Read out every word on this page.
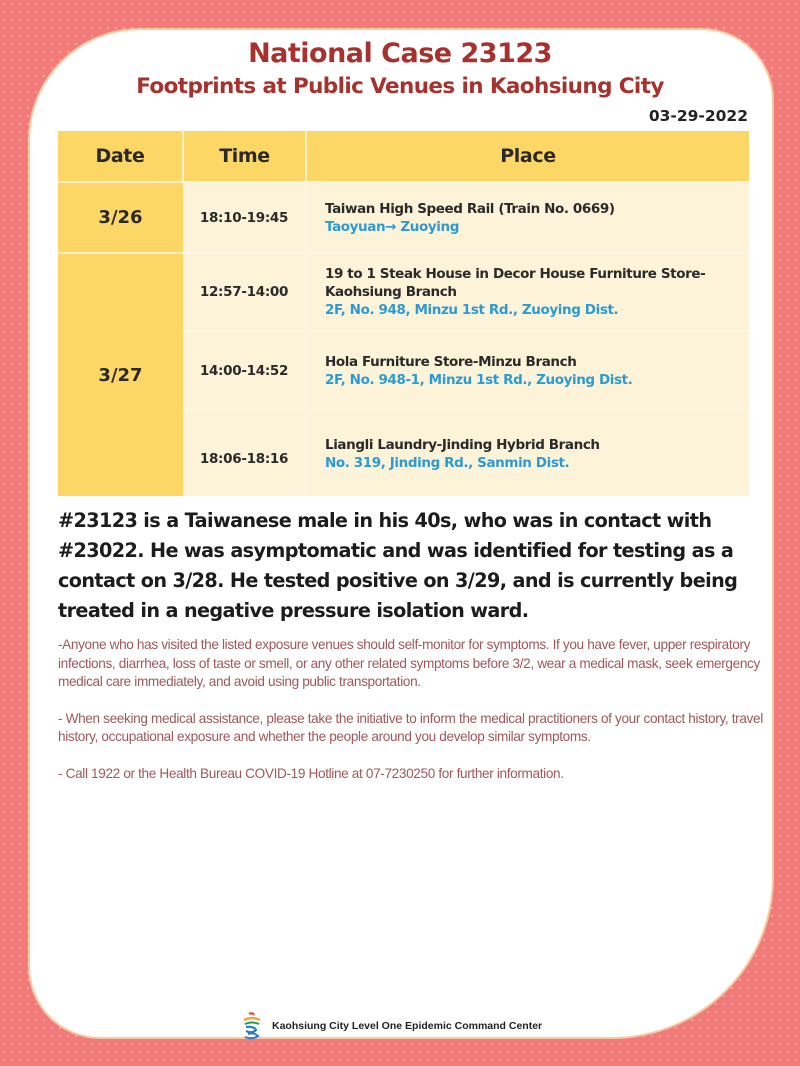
National Case 23123
Footprints at Public Venues in Kaohsiung City
03-29-2022
Date	Time	Place
3/26	18:10-19:45	Taiwan High Speed Rail (Train No. 0669)
Taoyuan→ Zuoying

3/27	12:57-14:00	19 to 1 Steak House in Decor House Furniture Store-Kaohsiung Branch
2F, No. 948, Minzu 1st Rd., Zuoying Dist.

	14:00-14:52	Hola Furniture Store-Minzu Branch
2F, No. 948-1, Minzu 1st Rd., Zuoying Dist.

	18:06-18:16	Liangli Laundry-Jinding Hybrid Branch
No. 319, Jinding Rd., Sanmin Dist.
#23123 is a Taiwanese male in his 40s, who was in contact with #23022. He was asymptomatic and was identified for testing as a contact on 3/28. He tested positive on 3/29, and is currently being treated in a negative pressure isolation ward.

-Anyone who has visited the listed exposure venues should self-monitor for symptoms. If you have fever, upper respiratory infections, diarrhea, loss of taste or smell, or any other related symptoms before 3/2, wear a medical mask, seek emergency medical care immediately, and avoid using public transportation.

- When seeking medical assistance, please take the initiative to inform the medical practitioners of your contact history, travel history, occupational exposure and whether the people around you develop similar symptoms.

- Call 1922 or the Health Bureau COVID-19 Hotline at 07-7230250 for further information.

Kaohsiung City Level One Epidemic Command Center
